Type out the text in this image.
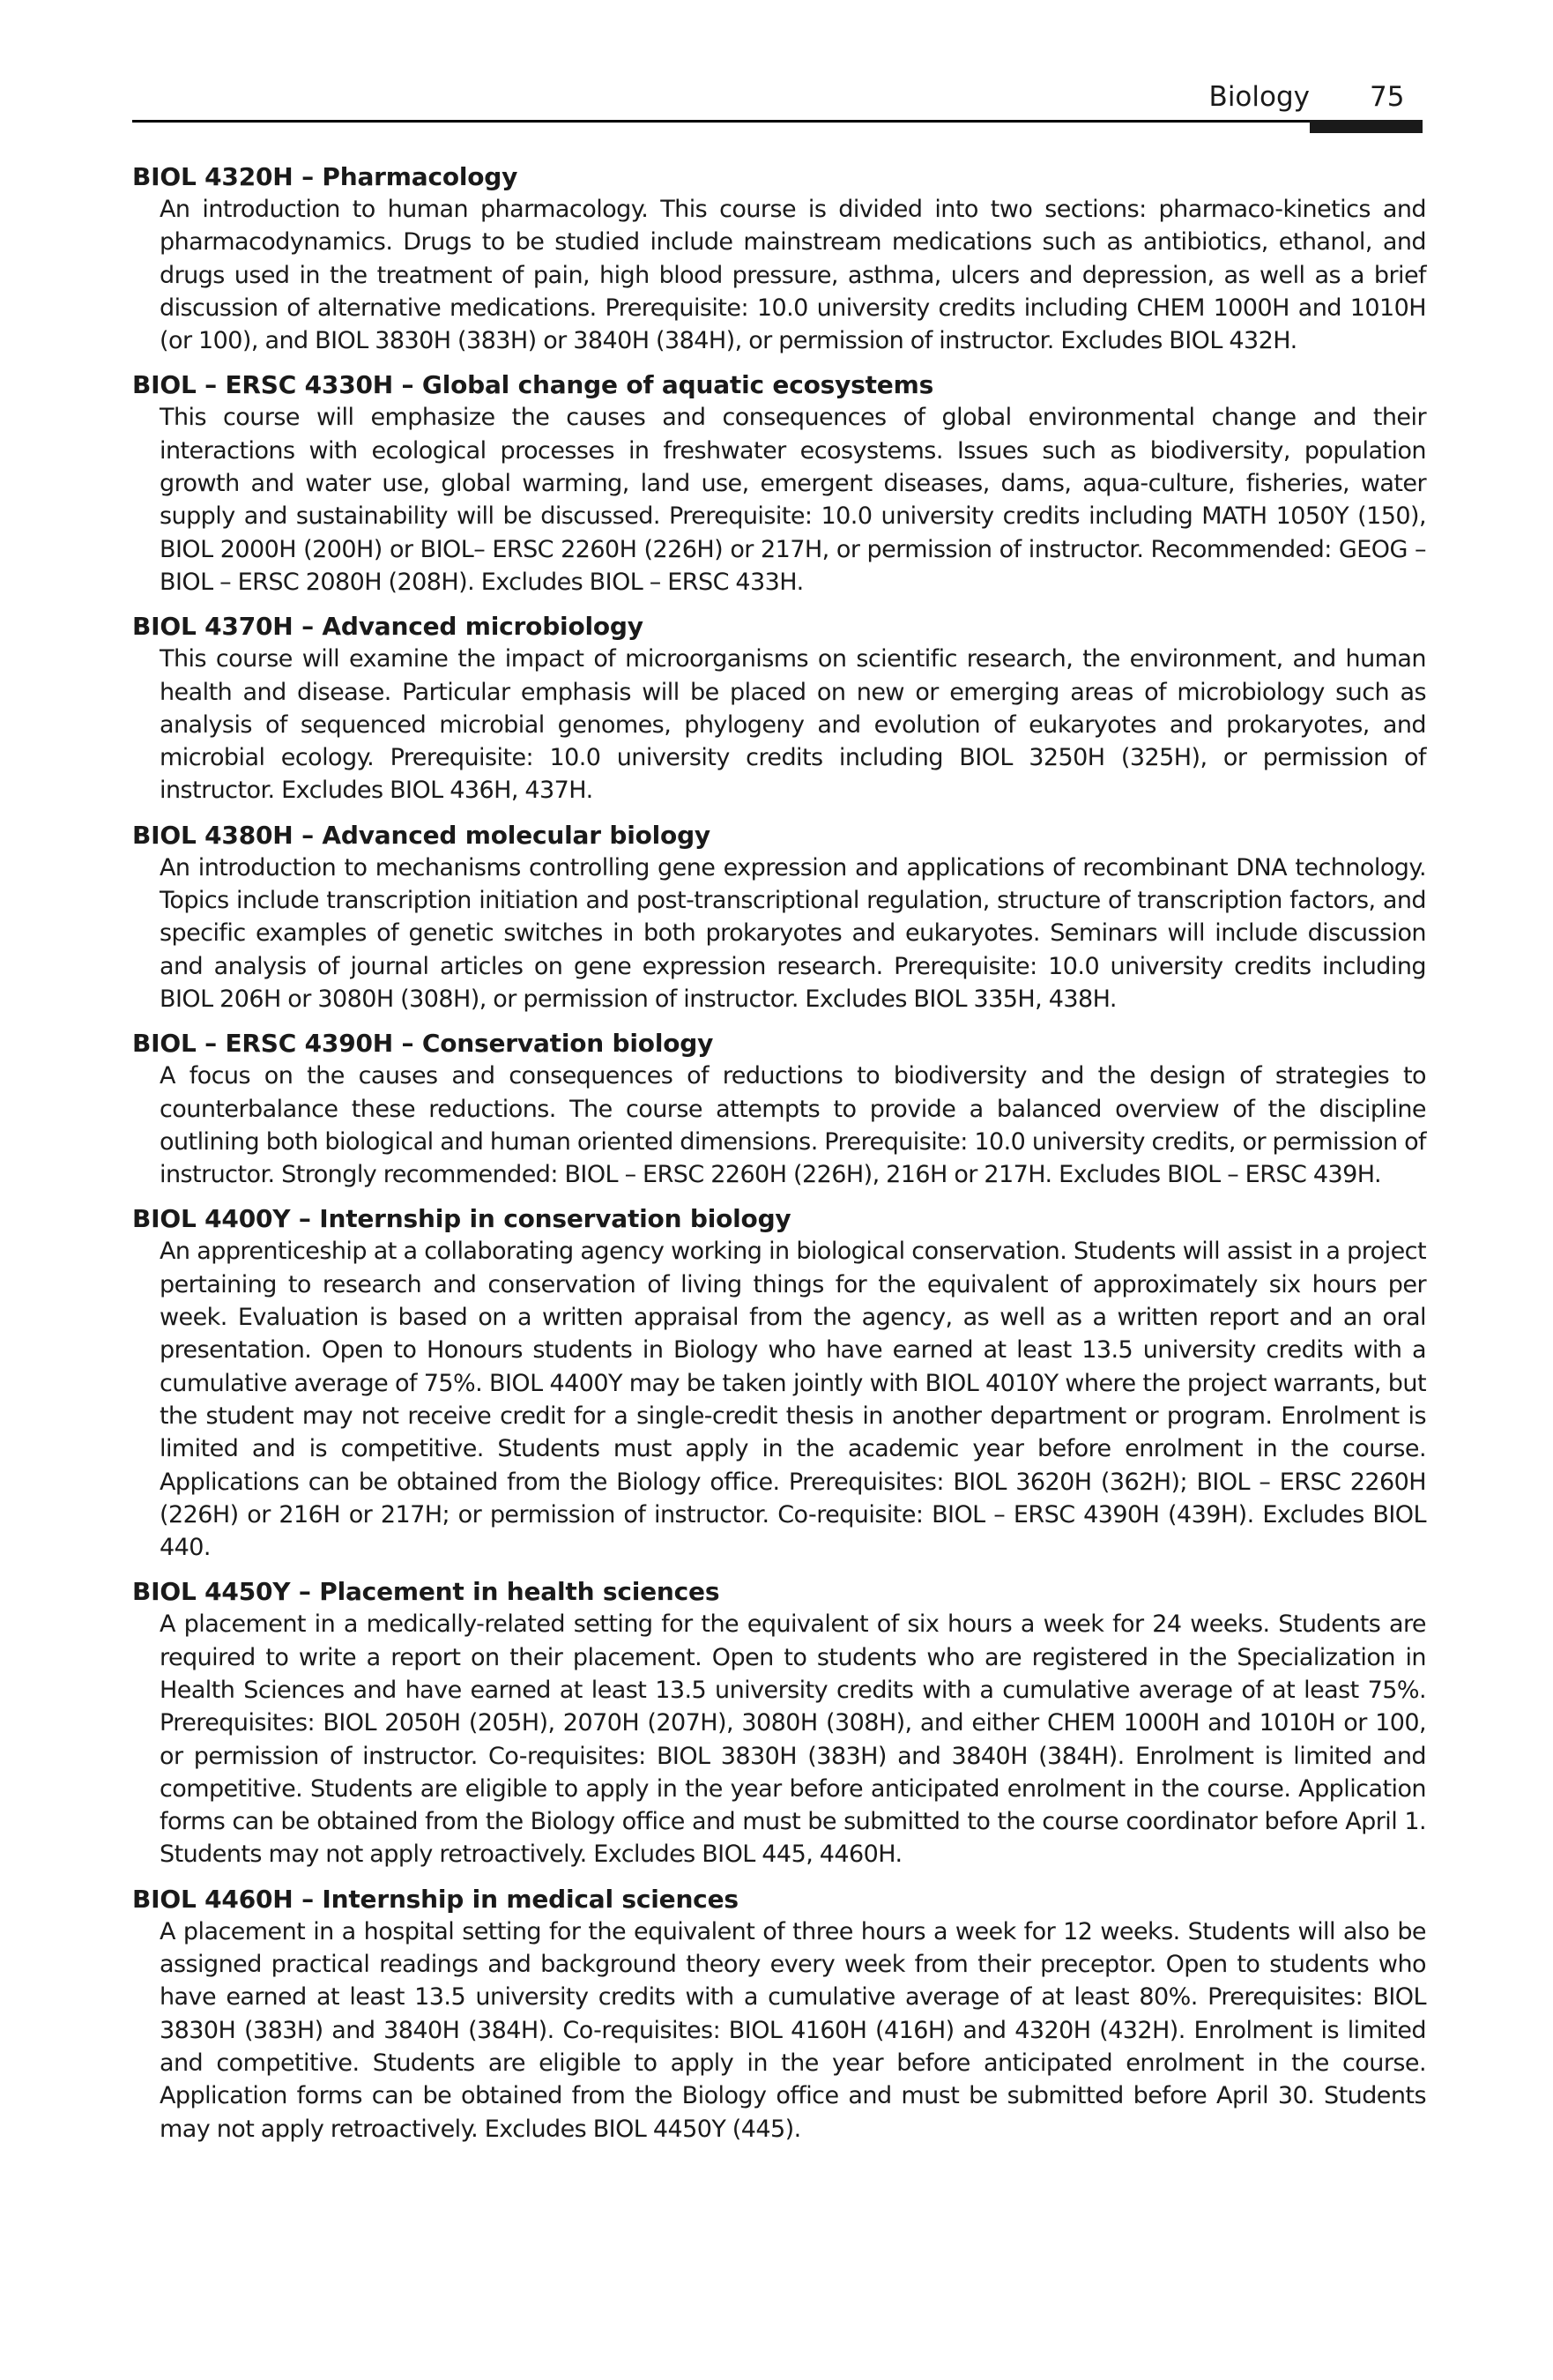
Biology 75
BIOL 4320H – Pharmacology
An introduction to human pharmacology. This course is divided into two sections: pharmaco-kinetics and pharmacodynamics. Drugs to be studied include mainstream medications such as antibiotics, ethanol, and drugs used in the treatment of pain, high blood pressure, asthma, ulcers and depression, as well as a brief discussion of alternative medications. Prerequisite: 10.0 university credits including CHEM 1000H and 1010H (or 100), and BIOL 3830H (383H) or 3840H (384H), or permission of instructor. Excludes BIOL 432H.
BIOL – ERSC 4330H – Global change of aquatic ecosystems
This course will emphasize the causes and consequences of global environmental change and their interactions with ecological processes in freshwater ecosystems. Issues such as biodiversity, population growth and water use, global warming, land use, emergent diseases, dams, aqua-culture, fisheries, water supply and sustainability will be discussed. Prerequisite: 10.0 university credits including MATH 1050Y (150), BIOL 2000H (200H) or BIOL– ERSC 2260H (226H) or 217H, or permission of instructor. Recommended: GEOG – BIOL – ERSC 2080H (208H). Excludes BIOL – ERSC 433H.
BIOL 4370H – Advanced microbiology
This course will examine the impact of microorganisms on scientific research, the environment, and human health and disease. Particular emphasis will be placed on new or emerging areas of microbiology such as analysis of sequenced microbial genomes, phylogeny and evolution of eukaryotes and prokaryotes, and microbial ecology. Prerequisite: 10.0 university credits including BIOL 3250H (325H), or permission of instructor. Excludes BIOL 436H, 437H.
BIOL 4380H – Advanced molecular biology
An introduction to mechanisms controlling gene expression and applications of recombinant DNA technology. Topics include transcription initiation and post-transcriptional regulation, structure of transcription factors, and specific examples of genetic switches in both prokaryotes and eukaryotes. Seminars will include discussion and analysis of journal articles on gene expression research. Prerequisite: 10.0 university credits including BIOL 206H or 3080H (308H), or permission of instructor. Excludes BIOL 335H, 438H.
BIOL – ERSC 4390H – Conservation biology
A focus on the causes and consequences of reductions to biodiversity and the design of strategies to counterbalance these reductions. The course attempts to provide a balanced overview of the discipline outlining both biological and human oriented dimensions. Prerequisite: 10.0 university credits, or permission of instructor. Strongly recommended: BIOL – ERSC 2260H (226H), 216H or 217H. Excludes BIOL – ERSC 439H.
BIOL 4400Y – Internship in conservation biology
An apprenticeship at a collaborating agency working in biological conservation. Students will assist in a project pertaining to research and conservation of living things for the equivalent of approximately six hours per week. Evaluation is based on a written appraisal from the agency, as well as a written report and an oral presentation. Open to Honours students in Biology who have earned at least 13.5 university credits with a cumulative average of 75%. BIOL 4400Y may be taken jointly with BIOL 4010Y where the project warrants, but the student may not receive credit for a single-credit thesis in another department or program. Enrolment is limited and is competitive. Students must apply in the academic year before enrolment in the course. Applications can be obtained from the Biology office. Prerequisites: BIOL 3620H (362H); BIOL – ERSC 2260H (226H) or 216H or 217H; or permission of instructor. Co-requisite: BIOL – ERSC 4390H (439H). Excludes BIOL 440.
BIOL 4450Y – Placement in health sciences
A placement in a medically-related setting for the equivalent of six hours a week for 24 weeks. Students are required to write a report on their placement. Open to students who are registered in the Specialization in Health Sciences and have earned at least 13.5 university credits with a cumulative average of at least 75%. Prerequisites: BIOL 2050H (205H), 2070H (207H), 3080H (308H), and either CHEM 1000H and 1010H or 100, or permission of instructor. Co-requisites: BIOL 3830H (383H) and 3840H (384H). Enrolment is limited and competitive. Students are eligible to apply in the year before anticipated enrolment in the course. Application forms can be obtained from the Biology office and must be submitted to the course coordinator before April 1. Students may not apply retroactively. Excludes BIOL 445, 4460H.
BIOL 4460H – Internship in medical sciences
A placement in a hospital setting for the equivalent of three hours a week for 12 weeks. Students will also be assigned practical readings and background theory every week from their preceptor. Open to students who have earned at least 13.5 university credits with a cumulative average of at least 80%. Prerequisites: BIOL 3830H (383H) and 3840H (384H). Co-requisites: BIOL 4160H (416H) and 4320H (432H). Enrolment is limited and competitive. Students are eligible to apply in the year before anticipated enrolment in the course. Application forms can be obtained from the Biology office and must be submitted before April 30. Students may not apply retroactively. Excludes BIOL 4450Y (445).
